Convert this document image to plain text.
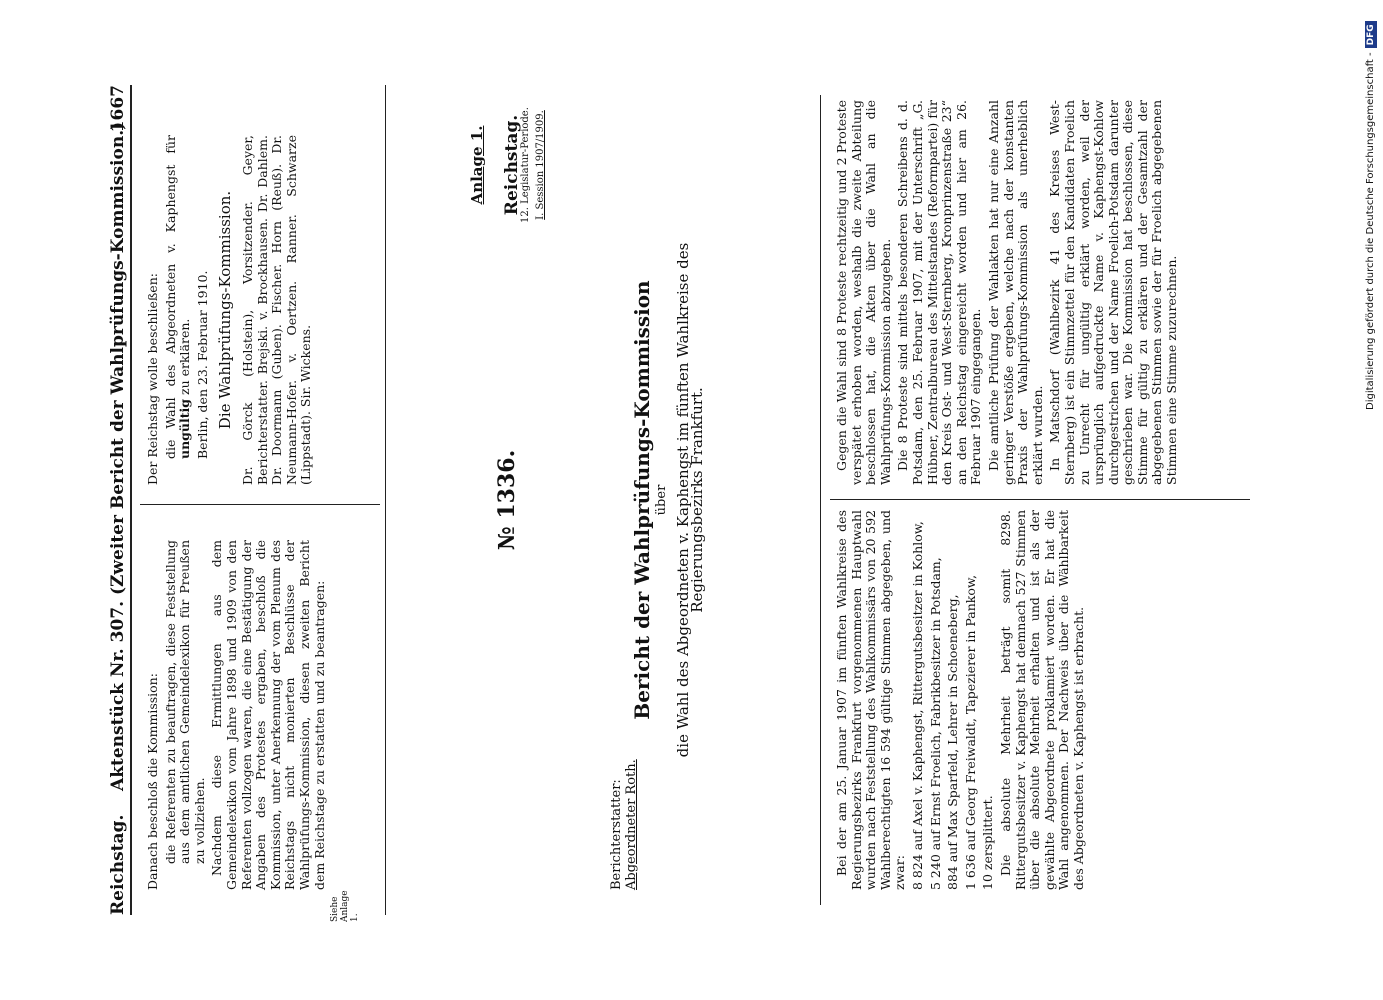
Reichstag.    Aktenstück Nr. 307. (Zweiter Bericht der Wahlprüfungs-Kommission.)
1667

Danach beschloß die Kommission: die Referenten zu beauftragen, diese Feststellung aus dem amtlichen Gemeindelexikon für Preußen zu vollziehen. Nachdem diese Ermittlungen aus dem Gemeindelexikon vom Jahre 1898 und 1909 von den Referenten vollzogen waren, die eine Bestätigung der Angaben des Protestes ergaben, beschloß die Kommission, unter Anerkennung der vom Plenum des Reichstags nicht monierten Beschlüsse der Wahlprüfungs-Kommission, diesen zweiten Bericht dem Reichstage zu erstatten und zu beantragen:

Siehe Anlage 1.

Der Reichstag wolle beschließen: die Wahl des Abgeordneten v. Kaphengst für ungültig zu erklären. Berlin, den 23. Februar 1910. Die Wahlprüfungs-Kommission. Dr. Görck (Holstein), Vorsitzender. Geyer, Berichterstatter. Brejski. v. Brockhausen. Dr. Dahlem. Dr. Doormann (Guben). Fischer. Horn (Reuß). Dr. Neumann-Hofer. v. Oertzen. Ranner. Schwarze (Lippstadt). Sir. Wickens.

Berichterstatter: Abgeordneter Roth.
Anlage 1. Reichstag.
12. Legislatur-Periode. I. Session 1907/1909.
№ 1336.	Bericht der Wahlprüfungs-Kommission über die Wahl des Abgeordneten v. Kaphengst im fünften Wahlkreise des Regierungsbezirks Frankfurt.

Bei der am 25. Januar 1907 im fünften Wahlkreise des Regierungsbezirks Frankfurt vorgenommenen Hauptwahl wurden nach Feststellung des Wahlkommissärs von 20 592 Wahlberechtigten 16 594 gültige Stimmen abgegeben, und zwar: 8 824 auf Axel v. Kaphengst, Rittergutsbesitzer in Kohlow, 5 240 auf Ernst Froelich, Fabrikbesitzer in Potsdam, 884 auf Max Sparfeld, Lehrer in Schoeneberg, 1 636 auf Georg Freiwaldt, Tapezierer in Pankow, 10 zersplittert. Die absolute Mehrheit beträgt somit 8298. Rittergutsbesitzer v. Kaphengst hat demnach 527 Stimmen über die absolute Mehrheit erhalten und ist als der gewählte Abgeordnete proklamiert worden. Er hat die Wahl angenommen. Der Nachweis über die Wählbarkeit des Abgeordneten v. Kaphengst ist erbracht.

Gegen die Wahl sind 8 Proteste rechtzeitig und 2 Proteste verspätet erhoben worden, weshalb die zweite Abteilung beschlossen hat, die Akten über die Wahl an die Wahlprüfungs-Kommission abzugeben. Die 8 Proteste sind mittels besonderen Schreibens d. d. Potsdam, den 25. Februar 1907, mit der Unterschrift „G. Hübner, Zentralbureau des Mittelstandes (Reformpartei) für den Kreis Ost- und West-Sternberg, Kronprinzenstraße 23“ an den Reichstag eingereicht worden und hier am 26. Februar 1907 eingegangen. Die amtliche Prüfung der Wahlakten hat nur eine Anzahl geringer Verstöße ergeben, welche nach der konstanten Praxis der Wahlprüfungs-Kommission als unerheblich erklärt wurden. In Matschdorf (Wahlbezirk 41 des Kreises West-Sternberg) ist ein Stimmzettel für den Kandidaten Froelich zu Unrecht für ungültig erklärt worden, weil der ursprünglich aufgedruckte Name v. Kaphengst-Kohlow durchgestrichen und der Name Froelich-Potsdam darunter geschrieben war. Die Kommission hat beschlossen, diese Stimme für gültig zu erklären und der Gesamtzahl der abgegebenen Stimmen sowie der für Froelich abgegebenen Stimmen eine Stimme zuzurechnen.	Digitalisierung gefördert durch die Deutsche Forschungsgemeinschaft -DFG
